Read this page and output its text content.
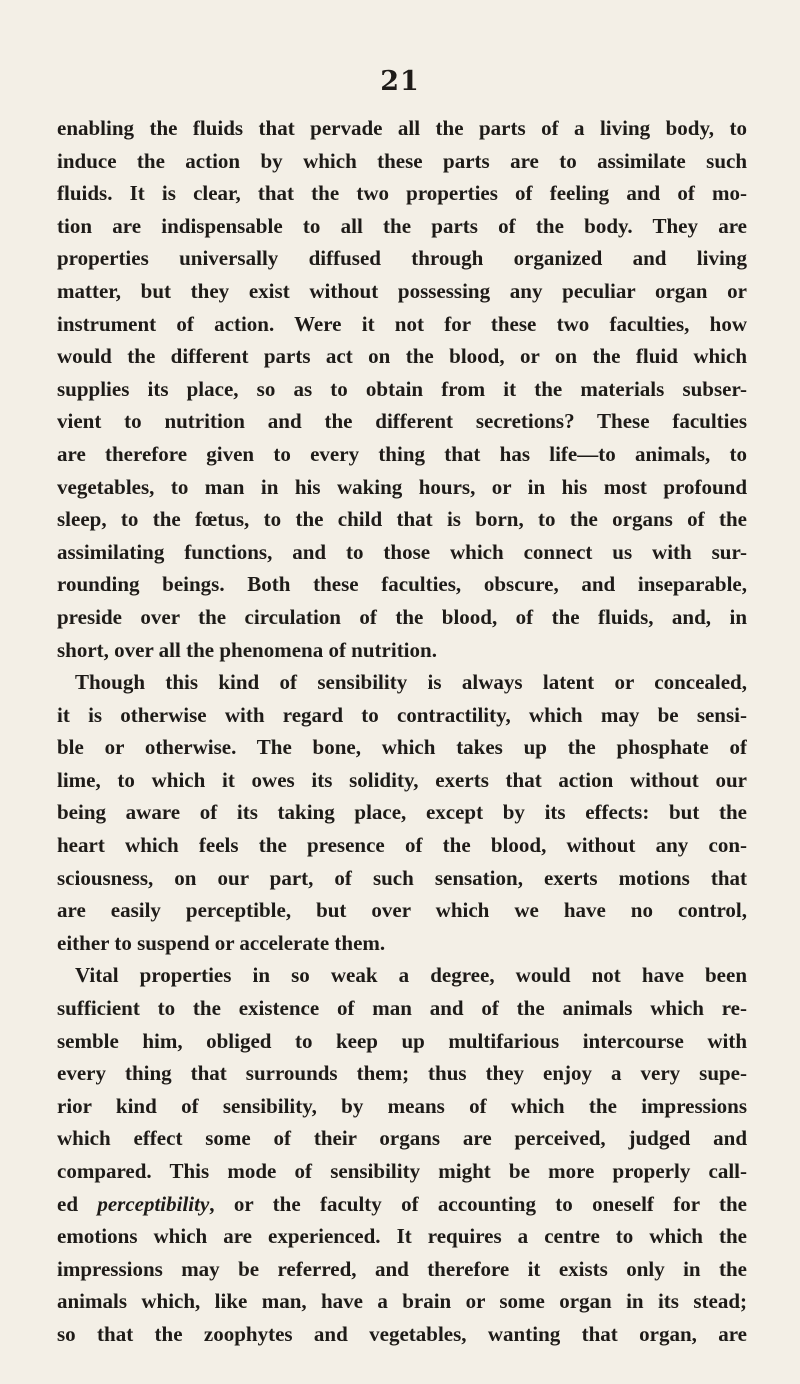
21
enabling the fluids that pervade all the parts of a living body, to
induce the action by which these parts are to assimilate such
fluids. It is clear, that the two properties of feeling and of mo-
tion are indispensable to all the parts of the body. They are
properties universally diffused through organized and living
matter, but they exist without possessing any peculiar organ or
instrument of action. Were it not for these two faculties, how
would the different parts act on the blood, or on the fluid which
supplies its place, so as to obtain from it the materials subser-
vient to nutrition and the different secretions? These faculties
are therefore given to every thing that has life—to animals, to
vegetables, to man in his waking hours, or in his most profound
sleep, to the fœtus, to the child that is born, to the organs of the
assimilating functions, and to those which connect us with sur-
rounding beings. Both these faculties, obscure, and inseparable,
preside over the circulation of the blood, of the fluids, and, in
short, over all the phenomena of nutrition.
Though this kind of sensibility is always latent or concealed,
it is otherwise with regard to contractility, which may be sensi-
ble or otherwise. The bone, which takes up the phosphate of
lime, to which it owes its solidity, exerts that action without our
being aware of its taking place, except by its effects: but the
heart which feels the presence of the blood, without any con-
sciousness, on our part, of such sensation, exerts motions that
are easily perceptible, but over which we have no control,
either to suspend or accelerate them.
Vital properties in so weak a degree, would not have been
sufficient to the existence of man and of the animals which re-
semble him, obliged to keep up multifarious intercourse with
every thing that surrounds them; thus they enjoy a very supe-
rior kind of sensibility, by means of which the impressions
which effect some of their organs are perceived, judged and
compared. This mode of sensibility might be more properly call-
ed perceptibility, or the faculty of accounting to oneself for the
emotions which are experienced. It requires a centre to which the
impressions may be referred, and therefore it exists only in the
animals which, like man, have a brain or some organ in its stead;
so that the zoophytes and vegetables, wanting that organ, are
